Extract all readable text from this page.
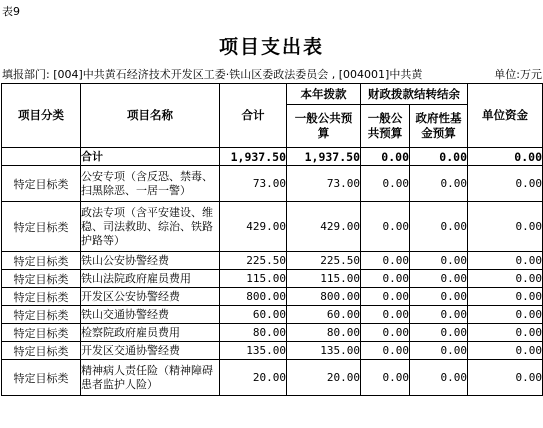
表9
项目支出表
填报部门: [004]中共黄石经济技术开发区工委·铁山区委政法委员会 , [004001]中共黄	单位:万元
项目分类	项目名称	合计	本年拨款	财政拨款结转结余		单位资金
			一般公共预算	一般公共预算	政府性基金预算	
	合计	1,937.50	1,937.50	0.00	0.00	0.00
特定目标类	公安专项（含反恐、禁毒、扫黑除恶、一居一警）	73.00	73.00	0.00	0.00	0.00
特定目标类	政法专项（含平安建设、维稳、司法救助、综治、铁路护路等）	429.00	429.00	0.00	0.00	0.00
特定目标类	铁山公安协警经费	225.50	225.50	0.00	0.00	0.00
特定目标类	铁山法院政府雇员费用	115.00	115.00	0.00	0.00	0.00
特定目标类	开发区公安协警经费	800.00	800.00	0.00	0.00	0.00
特定目标类	铁山交通协警经费	60.00	60.00	0.00	0.00	0.00
特定目标类	检察院政府雇员费用	80.00	80.00	0.00	0.00	0.00
特定目标类	开发区交通协警经费	135.00	135.00	0.00	0.00	0.00
特定目标类	精神病人责任险（精神障碍患者监护人险）	20.00	20.00	0.00	0.00	0.00
